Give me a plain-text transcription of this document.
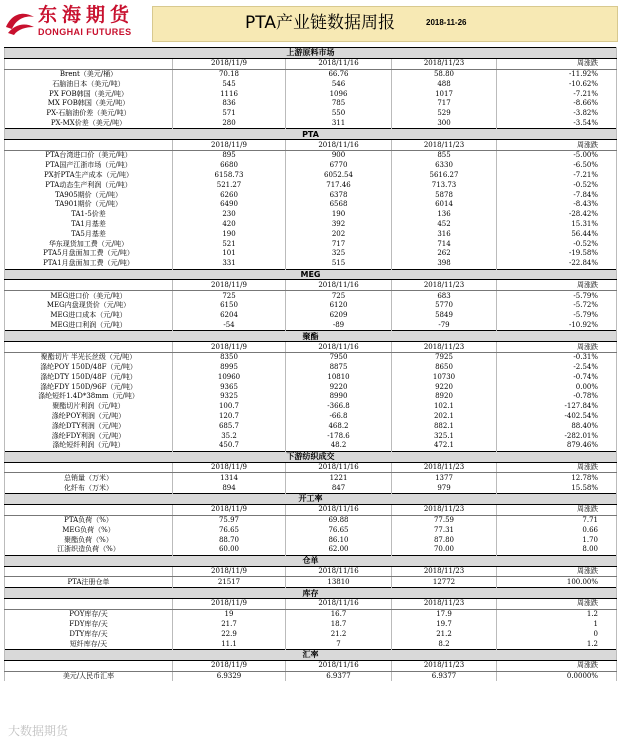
东海期货
DONGHAI FUTURES	PTA产业链数据周报	2018-11-26
上游原料市场				
	2018/11/9	2018/11/16	2018/11/23	周涨跌
Brent（美元/桶）	70.18	66.76	58.80	-11.92%
石脑油日本（美元/吨）	545	546	488	-10.62%
PX FOB韩国（美元/吨）	1116	1096	1017	-7.21%
MX FOB韩国（美元/吨）	836	785	717	-8.66%
PX-石脑油价差（美元/吨）	571	550	529	-3.82%
PX-MX价差（美元/吨）	280	311	300	-3.54%
PTA				
	2018/11/9	2018/11/16	2018/11/23	周涨跌
PTA台湾进口价（美元/吨）	895	900	855	-5.00%
PTA国产江浙市场（元/吨）	6680	6770	6330	-6.50%
PX折PTA生产成本（元/吨）	6158.73	6052.54	5616.27	-7.21%
PTA动态生产利润（元/吨）	521.27	717.46	713.73	-0.52%
TA905期价（元/吨）	6260	6378	5878	-7.84%
TA901期价（元/吨）	6490	6568	6014	-8.43%
TA1-5价差	230	190	136	-28.42%
TA1月基差	420	392	452	15.31%
TA5月基差	190	202	316	56.44%
华东现货加工费（元/吨）	521	717	714	-0.52%
PTA5月盘面加工费（元/吨）	101	325	262	-19.58%
PTA1月盘面加工费（元/吨）	331	515	398	-22.84%
MEG				
	2018/11/9	2018/11/16	2018/11/23	周涨跌
MEG进口价（美元/吨）	725	725	683	-5.79%
MEG内盘现货价（元/吨）	6150	6120	5770	-5.72%
MEG进口成本（元/吨）	6204	6209	5849	-5.79%
MEG进口利润（元/吨）	-54	-89	-79	-10.92%
聚酯				
	2018/11/9	2018/11/16	2018/11/23	周涨跌
聚酯切片 半光长丝级（元/吨）	8350	7950	7925	-0.31%
涤纶POY 150D/48F（元/吨）	8995	8875	8650	-2.54%
涤纶DTY 150D/48F（元/吨）	10960	10810	10730	-0.74%
涤纶FDY 150D/96F（元/吨）	9365	9220	9220	0.00%
涤纶短纤1.4D*38mm（元/吨）	9325	8990	8920	-0.78%
聚酯切片利润（元/吨）	100.7	-366.8	102.1	-127.84%
涤纶POY利润（元/吨）	120.7	-66.8	202.1	-402.54%
涤纶DTY利润（元/吨）	685.7	468.2	882.1	88.40%
涤纶FDY利润（元/吨）	35.2	-178.6	325.1	-282.01%
涤纶短纤利润（元/吨）	450.7	48.2	472.1	879.46%
下游纺织成交				
	2018/11/9	2018/11/16	2018/11/23	周涨跌
总销量（万米）	1314	1221	1377	12.78%
化纤布（万米）	894	847	979	15.58%
开工率				
	2018/11/9	2018/11/16	2018/11/23	周涨跌
PTA负荷（%）	75.97	69.88	77.59	7.71
MEG负荷（%）	76.65	76.65	77.31	0.66
聚酯负荷（%）	88.70	86.10	87.80	1.70
江浙织造负荷（%）	60.00	62.00	70.00	8.00
仓单				
	2018/11/9	2018/11/16	2018/11/23	周涨跌
PTA注册仓单	21517	13810	12772	100.00%
库存				
	2018/11/9	2018/11/16	2018/11/23	周涨跌
POY库存/天	19	16.7	17.9	1.2
FDY库存/天	21.7	18.7	19.7	1
DTY库存/天	22.9	21.2	21.2	0
短纤库存/天	11.1	7	8.2	1.2
汇率				
	2018/11/9	2018/11/16	2018/11/23	周涨跌
美元/人民币汇率	6.9329	6.9377	6.9377	0.0000%
大数据期货
